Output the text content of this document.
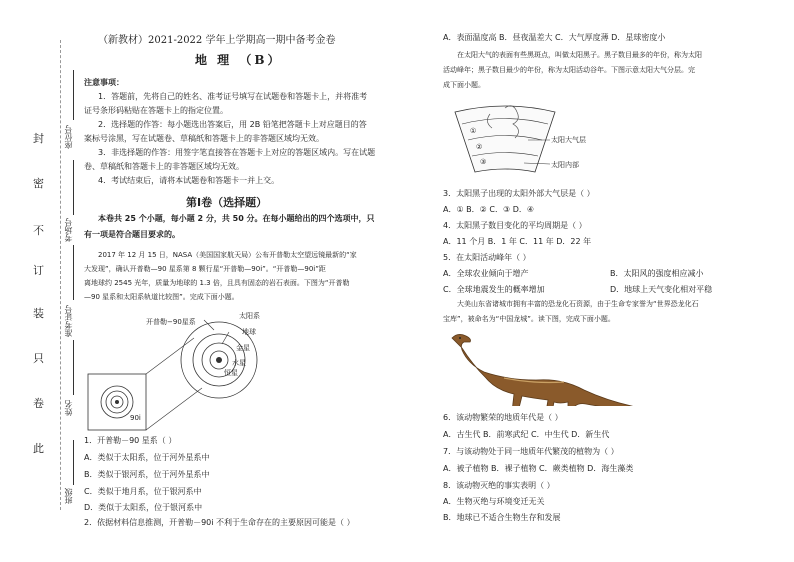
封
密
不
订
装
只
卷
此
座位号
考场号
准考证号
姓名
班级
（新教材）2021-2022 学年上学期高一期中备考金卷
地 理 （B）
注意事项：
1．答题前，先将自己的姓名、准考证号填写在试题卷和答题卡上，并将准考
证号条形码粘贴在答题卡上的指定位置。
2．选择题的作答：每小题选出答案后，用 2B 铅笔把答题卡上对应题目的答
案标号涂黑，写在试题卷、草稿纸和答题卡上的非答题区域均无效。
3．非选择题的作答：用签字笔直接答在答题卡上对应的答题区域内。写在试题
卷、草稿纸和答题卡上的非答题区域均无效。
4．考试结束后，请将本试题卷和答题卡一并上交。
第Ⅰ卷（选择题）
本卷共 25 个小题，每小题 2 分，共 50 分。在每小题给出的四个选项中，只
有一项是符合题目要求的。
2017 年 12 月 15 日，NASA（美国国家航天局）公布开普勒太空望远镜最新的“家
大发现”，确认开普勒—90 星系第 8 颗行星“开普勒—90i”。“开普勒—90i”距
离地球约 2545 光年，质量为地球的 1.3 倍，且具有固态的岩石表面。下图为“开普勒
—90 星系和太阳系轨道比较图”。完成下面小题。
开普勒−90星系
太阳系
地球
金星
水星
恒星
90i
1．开普勒－90 星系（ ）
A．类似于太阳系，位于河外星系中
B．类似于银河系，位于河外星系中
C．类似于地月系，位于银河系中
D．类似于太阳系，位于银河系中
2．依据材料信息推测，开普勒－90i 不利于生命存在的主要原因可能是（ ）
A．表面温度高 B．昼夜温差大 C．大气厚度薄 D．星球密度小
在太阳大气的表面有些黑斑点，叫做太阳黑子。黑子数目最多的年份，称为太阳
活动峰年；黑子数目最少的年份，称为太阳活动谷年。下图示意太阳大气分层。完
成下面小题。
①
②
③
太阳大气层
太阳内部
3．太阳黑子出现的太阳外部大气层是（ ）
A．① B．② C．③ D．④
4．太阳黑子数目变化的平均周期是（ ）
A．11 个月 B．1 年 C．11 年 D．22 年
5．在太阳活动峰年（ ）
A．全球农业倾向于增产	B．太阳风的强度相应减小
C．全球地震发生的概率增加	D．地球上天气变化相对平稳
大美山东省诸城市拥有丰富的恐龙化石资源，由于生命专家誉为“世界恐龙化石
宝库”，被命名为“中国龙城”。读下图，完成下面小题。
6．该动物繁荣的地质年代是（ ）
A．古生代 B．前寒武纪 C．中生代 D．新生代
7．与该动物处于同一地质年代繁茂的植物为（ ）
A．被子植物 B．裸子植物 C．蕨类植物 D．海生藻类
8．该动物灭绝的事实表明（ ）
A．生物灭绝与环境变迁无关
B．地球已不适合生物生存和发展
